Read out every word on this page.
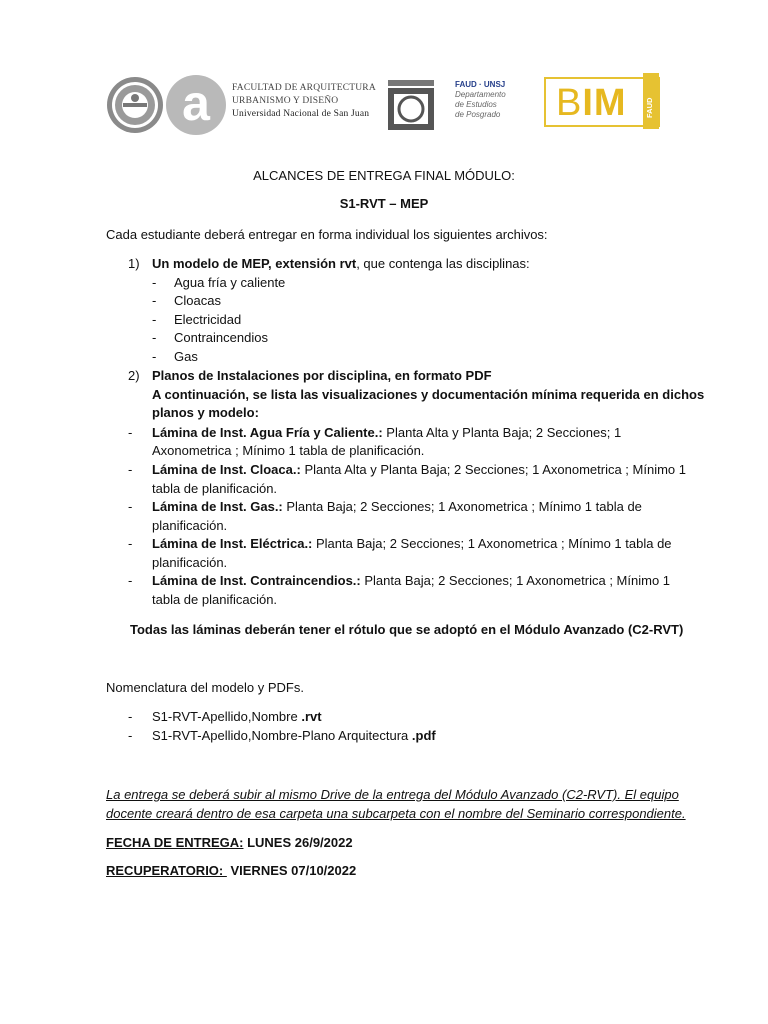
a FACULTAD DE ARQUITECTURA
URBANISMO Y DISEÑO
Universidad Nacional de San Juan
FAUD · UNSJ
Departamento
de Estudios
de Posgrado BIM FAUD
ALCANCES DE ENTREGA FINAL MÓDULO:
S1-RVT – MEP
Cada estudiante deberá entregar en forma individual los siguientes archivos:
1) Un modelo de MEP, extensión rvt, que contenga las disciplinas:
- Agua fría y caliente
- Cloacas
- Electricidad
- Contraincendios
- Gas
2) Planos de Instalaciones por disciplina, en formato PDF
A continuación, se lista las visualizaciones y documentación mínima requerida en dichos
planos y modelo:
- Lámina de Inst. Agua Fría y Caliente.: Planta Alta y Planta Baja; 2 Secciones; 1
Axonometrica ; Mínimo 1 tabla de planificación.
- Lámina de Inst. Cloaca.: Planta Alta y Planta Baja; 2 Secciones; 1 Axonometrica ; Mínimo 1
tabla de planificación.
- Lámina de Inst. Gas.: Planta Baja; 2 Secciones; 1 Axonometrica ; Mínimo 1 tabla de
planificación.
- Lámina de Inst. Eléctrica.: Planta Baja; 2 Secciones; 1 Axonometrica ; Mínimo 1 tabla de
planificación.
- Lámina de Inst. Contraincendios.: Planta Baja; 2 Secciones; 1 Axonometrica ; Mínimo 1
tabla de planificación.
Todas las láminas deberán tener el rótulo que se adoptó en el Módulo Avanzado (C2-RVT)
Nomenclatura del modelo y PDFs.
- S1-RVT-Apellido,Nombre .rvt
- S1-RVT-Apellido,Nombre-Plano Arquitectura .pdf
La entrega se deberá subir al mismo Drive de la entrega del Módulo Avanzado (C2-RVT). El equipo
docente creará dentro de esa carpeta una subcarpeta con el nombre del Seminario correspondiente.
FECHA DE ENTREGA: LUNES 26/9/2022
RECUPERATORIO:  VIERNES 07/10/2022
